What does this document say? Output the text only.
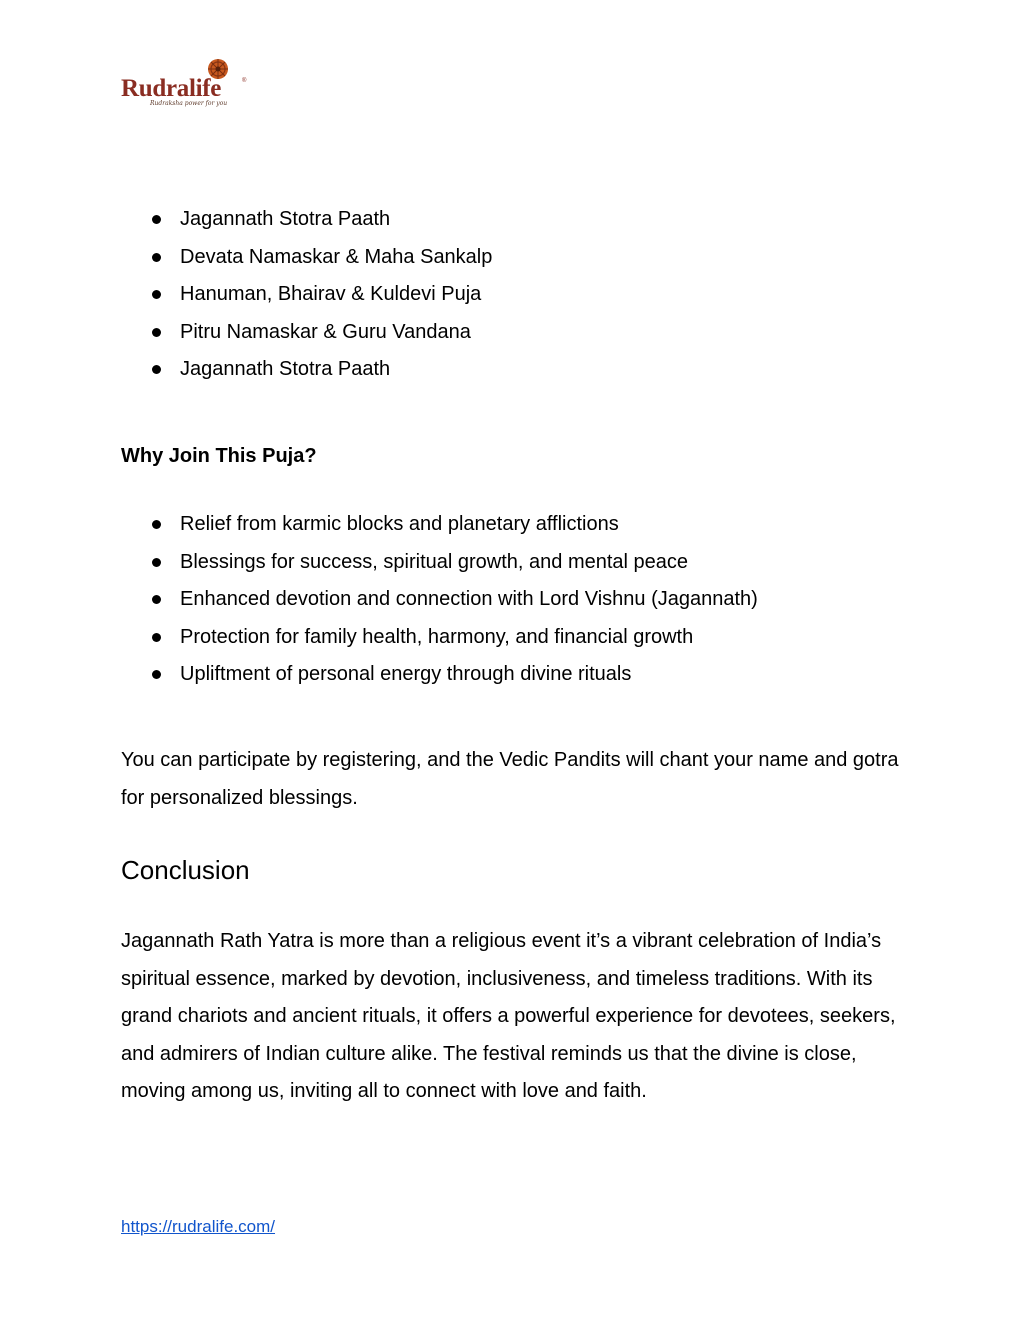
Rudralife	®
Rudraksha power for you
Jagannath Stotra Paath
Devata Namaskar & Maha Sankalp
Hanuman, Bhairav & Kuldevi Puja
Pitru Namaskar & Guru Vandana
Jagannath Stotra Paath
Why Join This Puja?
Relief from karmic blocks and planetary afflictions
Blessings for success, spiritual growth, and mental peace
Enhanced devotion and connection with Lord Vishnu (Jagannath)
Protection for family health, harmony, and financial growth
Upliftment of personal energy through divine rituals

You can participate by registering, and the Vedic Pandits will chant your name and gotra for personalized blessings.

Conclusion

Jagannath Rath Yatra is more than a religious event it’s a vibrant celebration of India’s spiritual essence, marked by devotion, inclusiveness, and timeless traditions. With its grand chariots and ancient rituals, it offers a powerful experience for devotees, seekers, and admirers of Indian culture alike. The festival reminds us that the divine is close, moving among us, inviting all to connect with love and faith.

https://rudralife.com/
